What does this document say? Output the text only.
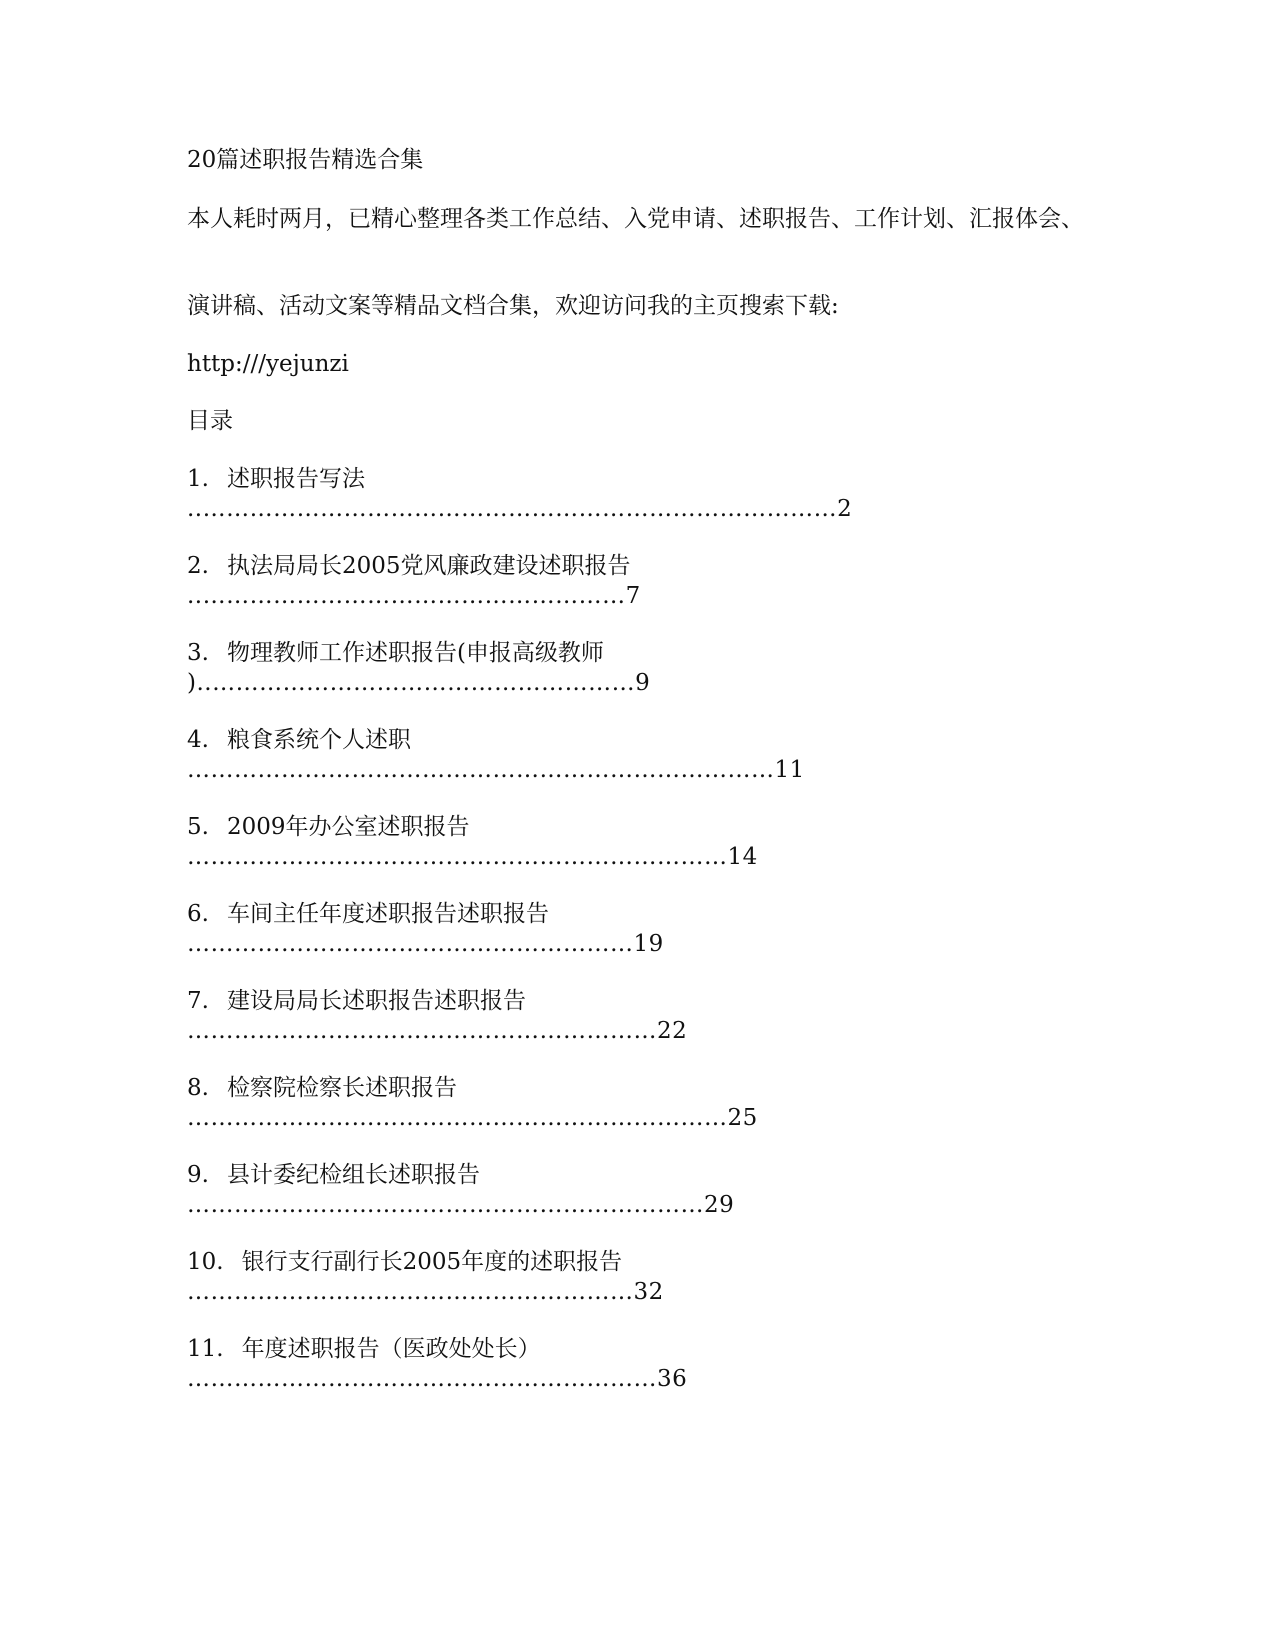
20篇述职报告精选合集

本人耗时两月，已精心整理各类工作总结、入党申请、述职报告、工作计划、汇报体会、

演讲稿、活动文案等精品文档合集，欢迎访问我的主页搜索下载:

http:///yejunzi

目录

1. 述职报告写法
..………………………………………………………………………2
2. 执法局局长2005党风廉政建设述职报告
..………………………………………………7
3. 物理教师工作述职报告(申报高级教师
)..………………………………………………9
4. 粮食系统个人述职
…………………………………………………………………11
5. 2009年办公室述职报告
……………………………………………………………14
6. 车间主任年度述职报告述职报告
…………………………………………………19
7. 建设局局长述职报告述职报告
……………………………………………………22
8. 检察院检察长述职报告
……………………………………………………………25
9. 县计委纪检组长述职报告
…………………………………………………………29
10. 银行支行副行长2005年度的述职报告
…………………………………………………32
11. 年度述职报告（医政处处长）
……………………………………………………36
